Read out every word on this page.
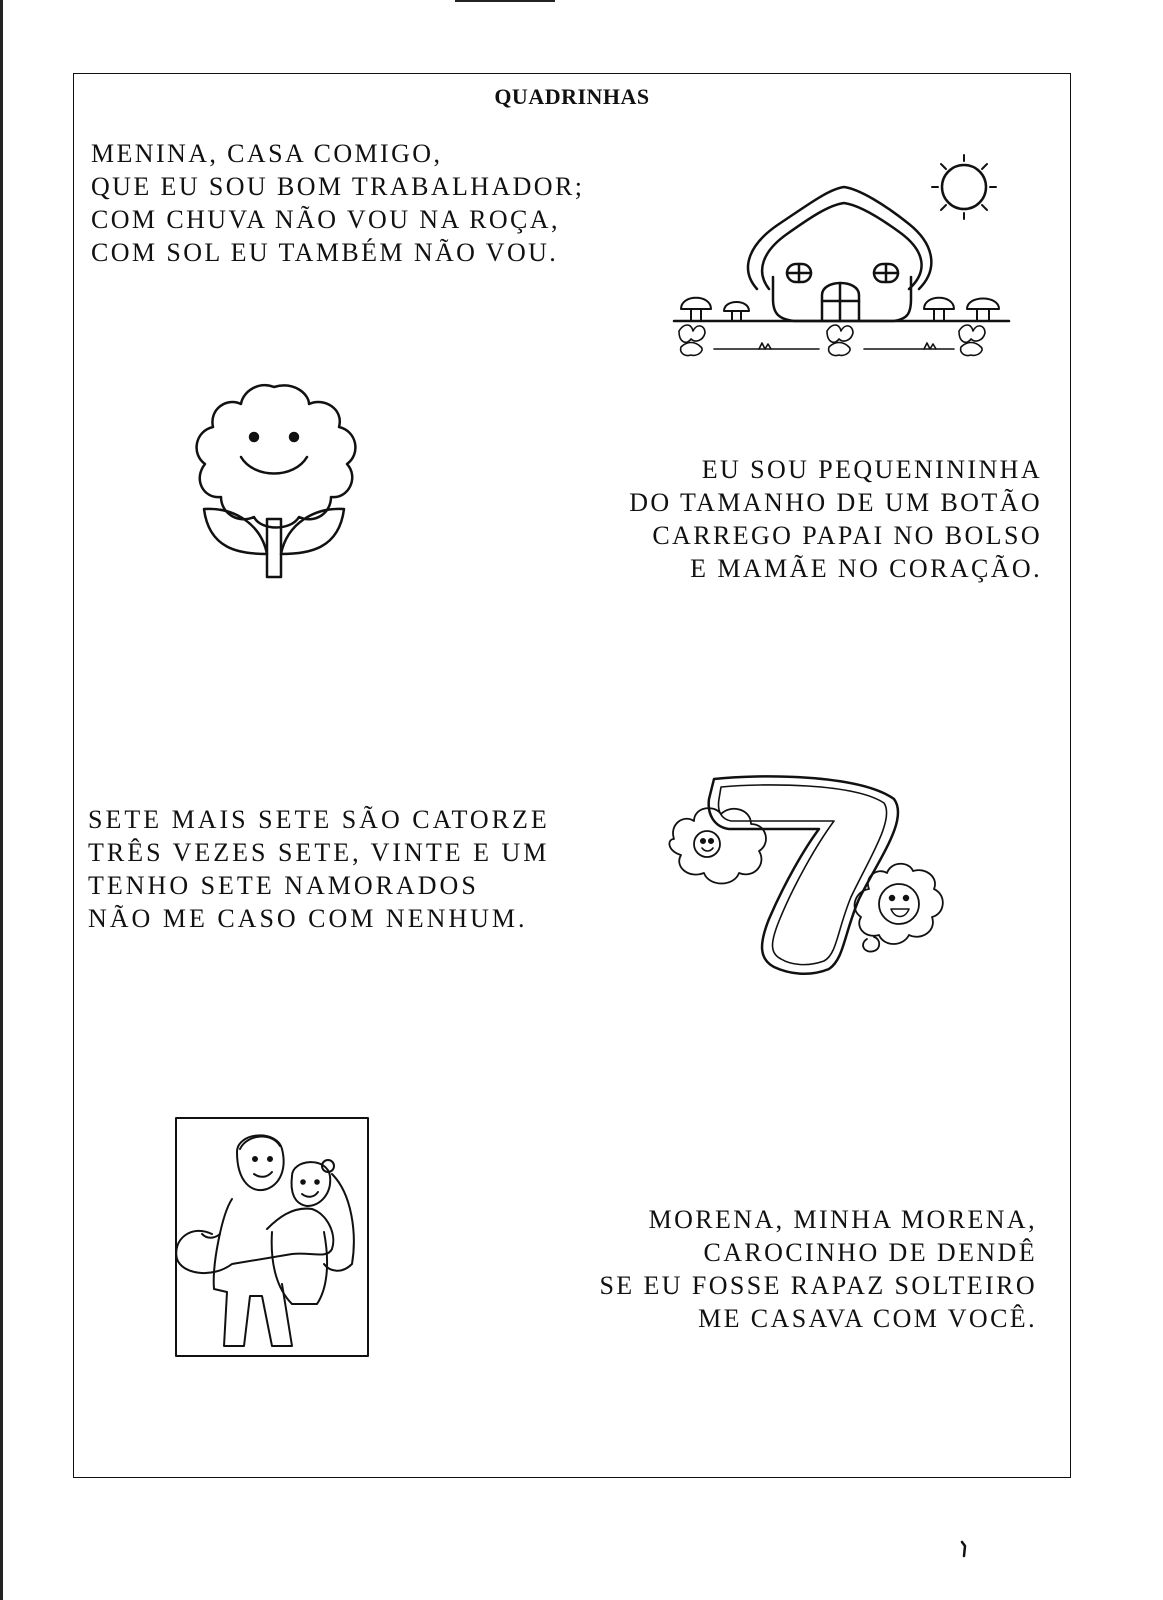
QUADRINHAS
MENINA, CASA COMIGO,
QUE EU SOU BOM TRABALHADOR;
COM CHUVA NÃO VOU NA ROÇA,
COM SOL EU TAMBÉM NÃO VOU.
EU SOU PEQUENININHA
DO TAMANHO DE UM BOTÃO
CARREGO PAPAI NO BOLSO
E MAMÃE NO CORAÇÃO.
SETE MAIS SETE SÃO CATORZE
TRÊS VEZES SETE, VINTE E UM
TENHO SETE NAMORADOS
NÃO ME CASO COM NENHUM.
MORENA, MINHA MORENA,
CAROCINHO DE DENDÊ
SE EU FOSSE RAPAZ SOLTEIRO
ME CASAVA COM VOCÊ.
